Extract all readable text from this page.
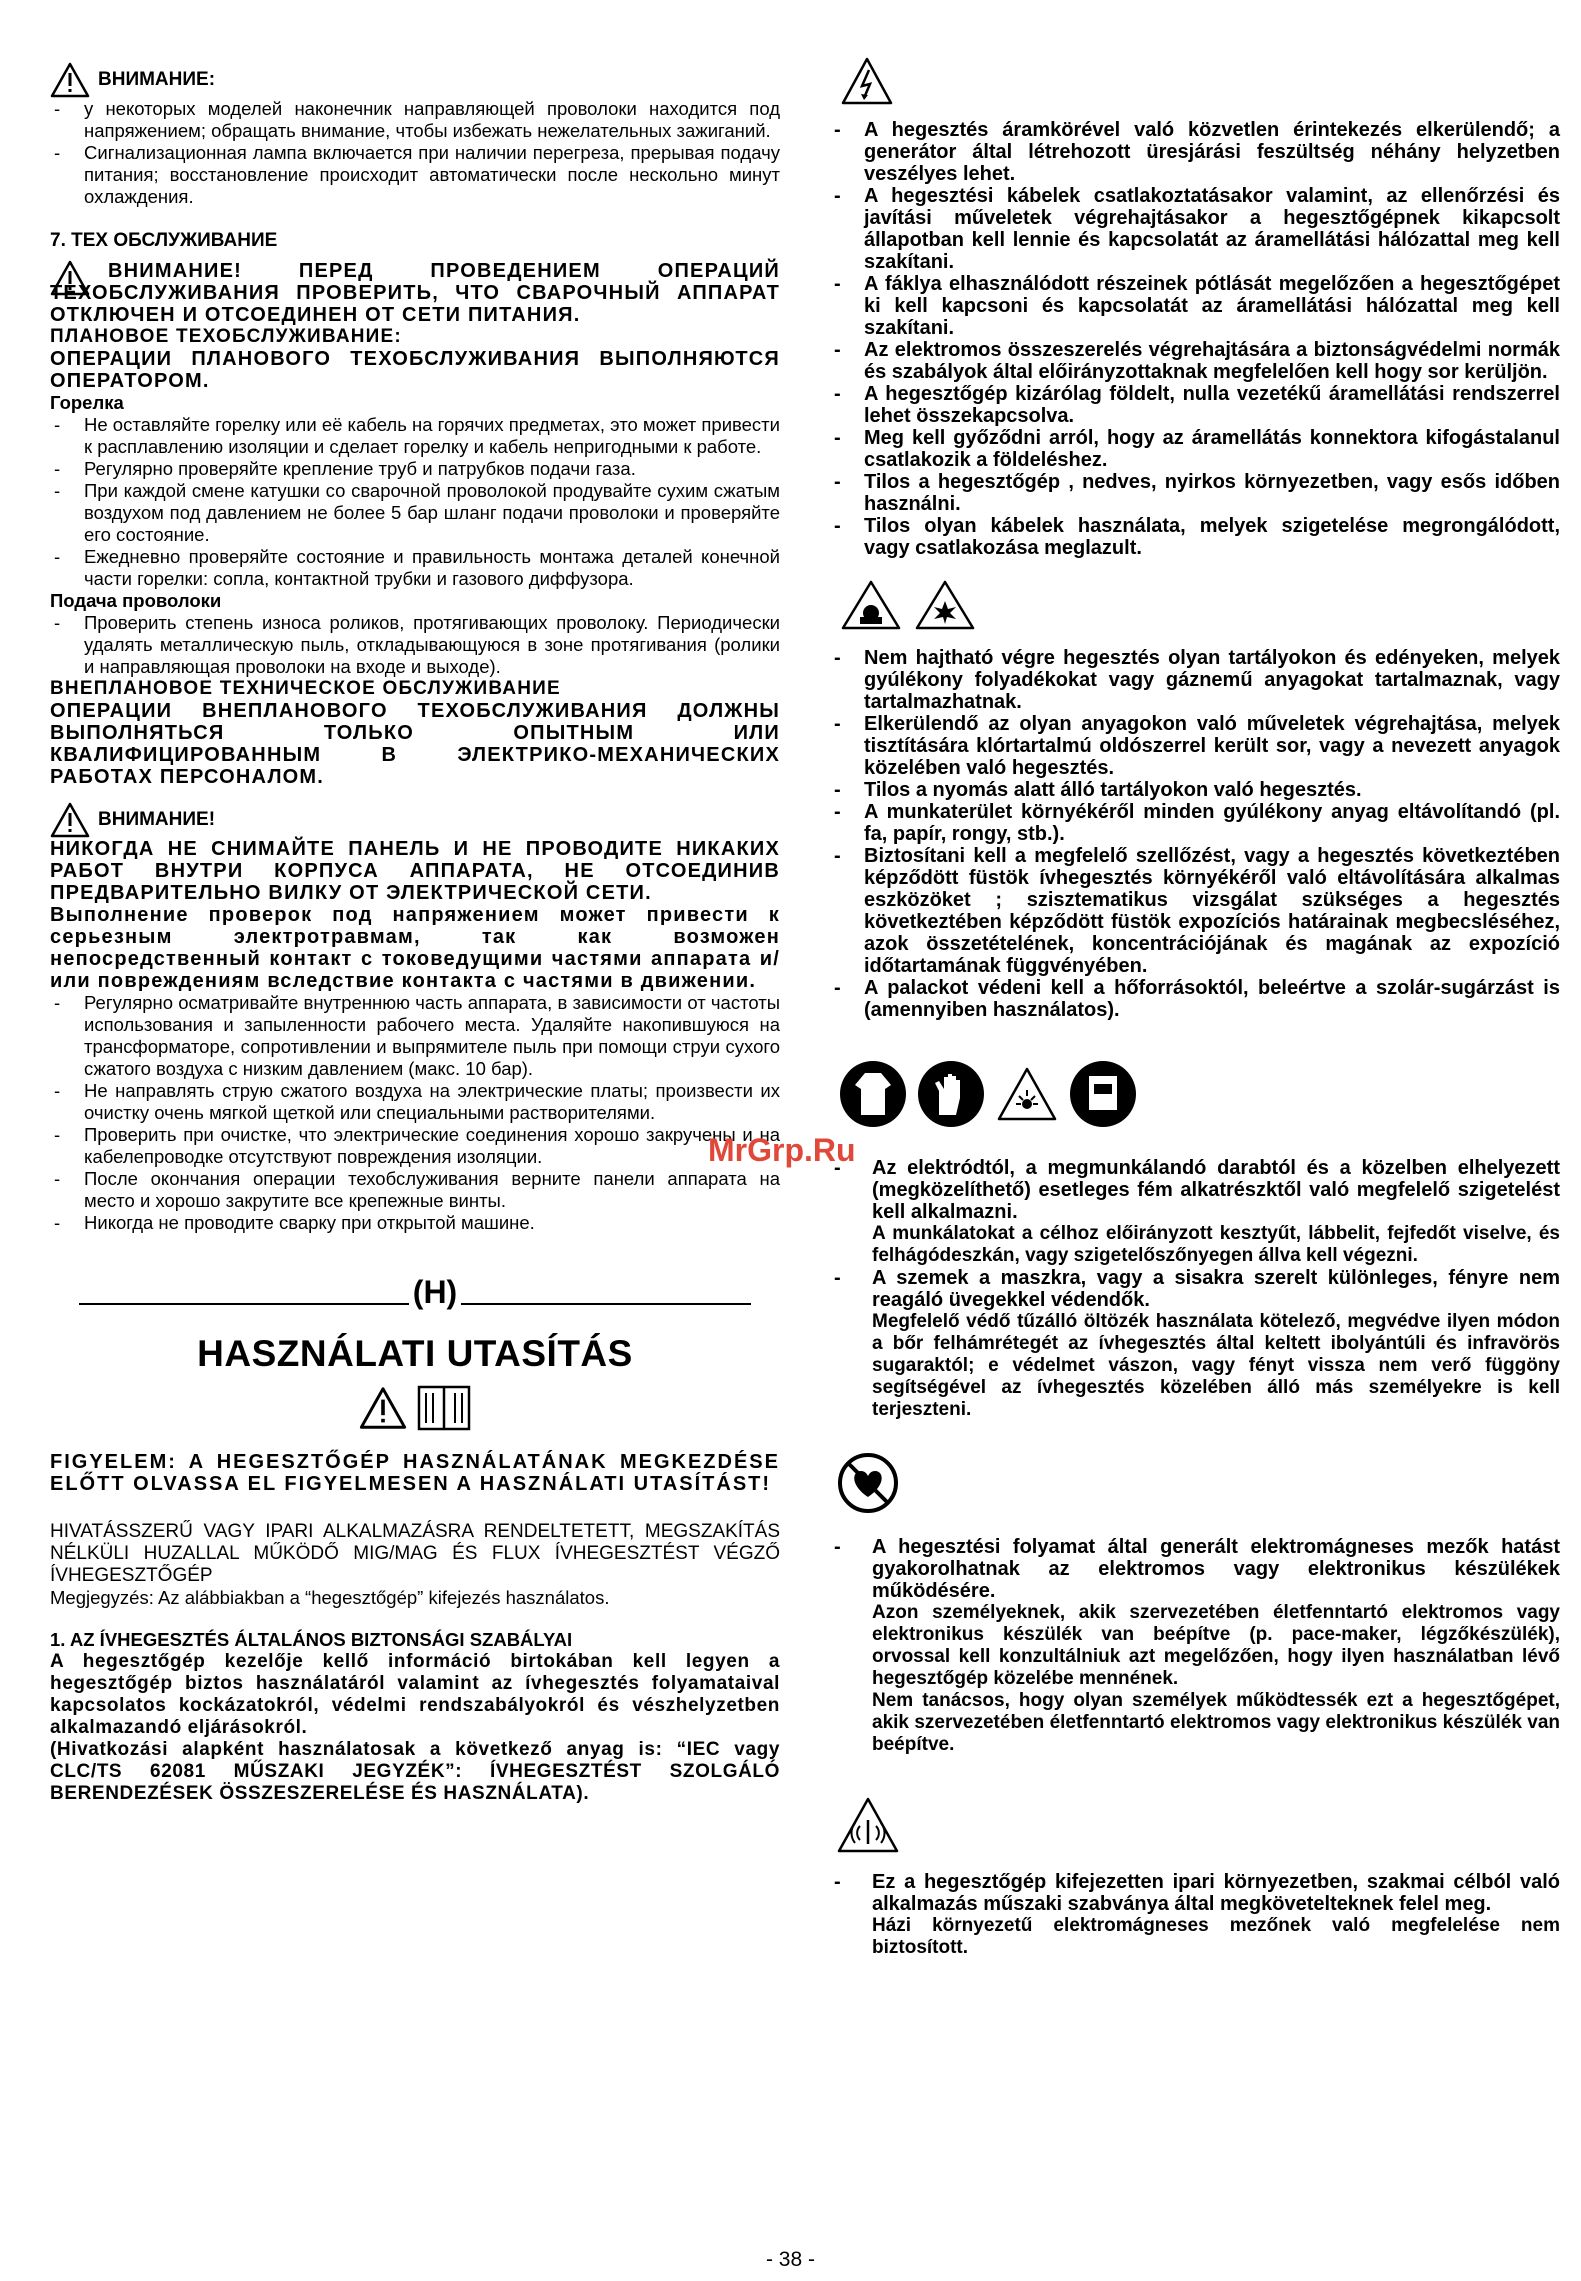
ВНИМАНИЕ:

- у некоторых моделей наконечник направляющей проволоки находится под напряжением; обращать внимание, чтобы избежать нежелательных зажиганий.

- Сигнализационная лампа включается при наличии перегреза, прерывая подачу питания; восстановление происходит автоматически после нескольно минут охлаждения.

7. ТЕХ ОБСЛУЖИВАНИЕ

ВНИМАНИЕ! ПЕРЕД ПРОВЕДЕНИЕМ ОПЕРАЦИЙ ТЕХОБСЛУЖИВАНИЯ ПРОВЕРИТЬ, ЧТО СВАРОЧНЫЙ АППАРАТ ОТКЛЮЧЕН И ОТСОЕДИНЕН ОТ СЕТИ ПИТАНИЯ.

ПЛАНОВОЕ ТЕХОБСЛУЖИВАНИЕ:

ОПЕРАЦИИ ПЛАНОВОГО ТЕХОБСЛУЖИВАНИЯ ВЫПОЛНЯЮТСЯ ОПЕРАТОРОМ.

Горелка

- Не оставляйте горелку или её кабель на горячих предметах, это может привести к расплавлению изоляции и сделает горелку и кабель непригодными к работе.

- Регулярно проверяйте крепление труб и патрубков подачи газа.

- При каждой смене катушки со сварочной проволокой продувайте сухим сжатым воздухом под давлением не более 5 бар шланг подачи проволоки и проверяйте его состояние.

- Ежедневно проверяйте состояние и правильность монтажа деталей конечной части горелки: сопла, контактной трубки и газового диффузора.

Подача проволоки

- Проверить степень износа роликов, протягивающих проволоку. Периодически удалять металлическую пыль, откладывающуюся в зоне протягивания (ролики и направляющая проволоки на входе и выходе).

ВНЕПЛАНОВОЕ ТЕХНИЧЕСКОЕ ОБСЛУЖИВАНИЕ

ОПЕРАЦИИ ВНЕПЛАНОВОГО ТЕХОБСЛУЖИВАНИЯ ДОЛЖНЫ ВЫПОЛНЯТЬСЯ ТОЛЬКО ОПЫТНЫМ ИЛИ КВАЛИФИЦИРОВАННЫМ В ЭЛЕКТРИКО-МЕХАНИЧЕСКИХ РАБОТАХ ПЕРСОНАЛОМ.

ВНИМАНИЕ!

НИКОГДА НЕ СНИМАЙТЕ ПАНЕЛЬ И НЕ ПРОВОДИТЕ НИКАКИХ РАБОТ ВНУТРИ КОРПУСА АППАРАТА, НЕ ОТСОЕДИНИВ ПРЕДВАРИТЕЛЬНО ВИЛКУ ОТ ЭЛЕКТРИЧЕСКОЙ СЕТИ.

Выполнение проверок под напряжением может привести к серьезным электротравмам, так как возможен непосредственный контакт с токоведущими частями аппарата и/или повреждениям вследствие контакта с частями в движении.

- Регулярно осматривайте внутреннюю часть аппарата, в зависимости от частоты использования и запыленности рабочего места. Удаляйте накопившуюся на трансформаторе, сопротивлении и выпрямителе пыль при помощи струи сухого сжатого воздуха с низким давлением (макс. 10 бар).

- Не направлять струю сжатого воздуха на электрические платы; произвести их очистку очень мягкой щеткой или специальными растворителями.

- Проверить при очистке, что электрические соединения хорошо закручены и на кабелепроводке отсутствуют повреждения изоляции.

- После окончания операции техобслуживания верните панели аппарата на место и хорошо закрутите все крепежные винты.

- Никогда не проводите сварку при открытой машине.

(H)
HASZNÁLATI UTASÍTÁS

FIGYELEM: A HEGESZTŐGÉP HASZNÁLATÁNAK MEGKEZDÉSE ELŐTT OLVASSA EL FIGYELMESEN A HASZNÁLATI UTASÍTÁST!

HIVATÁSSZERŰ VAGY IPARI ALKALMAZÁSRA RENDELTETETT, MEGSZAKÍTÁS NÉLKÜLI HUZALLAL MŰKÖDŐ MIG/MAG ÉS FLUX ÍVHEGESZTÉST VÉGZŐ ÍVHEGESZTŐGÉP

Megjegyzés: Az alábbiakban a “hegesztőgép” kifejezés használatos.

1. AZ ÍVHEGESZTÉS ÁLTALÁNOS BIZTONSÁGI SZABÁLYAI

A hegesztőgép kezelője kellő információ birtokában kell legyen a hegesztőgép biztos használatáról valamint az ívhegesztés folyamataival kapcsolatos kockázatokról, védelmi rendszabályokról és vészhelyzetben alkalmazandó eljárásokról.

(Hivatkozási alapként használatosak a következő anyag is: “IEC vagy CLC/TS 62081 MŰSZAKI JEGYZÉK”: ÍVHEGESZTÉST SZOLGÁLÓ BERENDEZÉSEK ÖSSZESZERELÉSE ÉS HASZNÁLATA).

- A hegesztés áramkörével való közvetlen érintekezés elkerülendő; a generátor által létrehozott üresjárási feszültség néhány helyzetben veszélyes lehet.

- A hegesztési kábelek csatlakoztatásakor valamint, az ellenőrzési és javítási műveletek végrehajtásakor a hegesztőgépnek kikapcsolt állapotban kell lennie és kapcsolatát az áramellátási hálózattal meg kell szakítani.

- A fáklya elhasználódott részeinek pótlását megelőzően a hegesztőgépet ki kell kapcsoni és kapcsolatát az áramellátási hálózattal meg kell szakítani.

- Az elektromos összeszerelés végrehajtására a biztonságvédelmi normák és szabályok által előirányzottaknak megfelelően kell hogy sor kerüljön.

- A hegesztőgép kizárólag földelt, nulla vezetékű áramellátási rendszerrel lehet összekapcsolva.

- Meg kell győződni arról, hogy az áramellátás konnektora kifogástalanul csatlakozik a földeléshez.

- Tilos a hegesztőgép , nedves, nyirkos környezetben, vagy esős időben használni.

- Tilos olyan kábelek használata, melyek szigetelése megrongálódott, vagy csatlakozása meglazult.

- Nem hajtható végre hegesztés olyan tartályokon és edényeken, melyek gyúlékony folyadékokat vagy gáznemű anyagokat tartalmaznak, vagy tartalmazhatnak.

- Elkerülendő az olyan anyagokon való műveletek végrehajtása, melyek tisztítására klórtartalmú oldószerrel került sor, vagy a nevezett anyagok közelében való hegesztés.

- Tilos a nyomás alatt álló tartályokon való hegesztés.

- A munkaterület környékéről minden gyúlékony anyag eltávolítandó (pl. fa, papír, rongy, stb.).

- Biztosítani kell a megfelelő szellőzést, vagy a hegesztés következtében képződött füstök ívhegesztés környékéről való eltávolítására alkalmas eszközöket ; szisztematikus vizsgálat szükséges a hegesztés következtében képződött füstök expozíciós határainak megbecsléséhez, azok összetételének, koncentrációjának és magának az expozíció időtartamának függvényében.

- A palackot védeni kell a hőforrásoktól, beleértve a szolár-sugárzást is (amennyiben használatos).

- Az elektródtól, a megmunkálandó darabtól és a közelben elhelyezett (megközelíthető) esetleges fém alkatrészktől való megfelelő szigetelést kell alkalmazni.

A munkálatokat a célhoz előirányzott kesztyűt, lábbelit, fejfedőt viselve, és felhágódeszkán, vagy szigetelőszőnyegen állva kell végezni.

- A szemek a maszkra, vagy a sisakra szerelt különleges, fényre nem reagáló üvegekkel védendők.

Megfelelő védő tűzálló öltözék használata kötelező, megvédve ilyen módon a bőr felhámrétegét az ívhegesztés által keltett ibolyántúli és infravörös sugaraktól; e védelmet vászon, vagy fényt vissza nem verő függöny segítségével az ívhegesztés közelében álló más személyekre is kell terjeszteni.

- A hegesztési folyamat által generált elektromágneses mezők hatást gyakorolhatnak az elektromos vagy elektronikus készülékek működésére.

Azon személyeknek, akik szervezetében életfenntartó elektromos vagy elektronikus készülék van beépítve (p. pace-maker, légzőkészülék), orvossal kell konzultálniuk azt megelőzően, hogy ilyen használatban lévő hegesztőgép közelébe mennének.

Nem tanácsos, hogy olyan személyek működtessék ezt a hegesztőgépet, akik szervezetében életfenntartó elektromos vagy elektronikus készülék van beépítve.

- Ez a hegesztőgép kifejezetten ipari környezetben, szakmai célból való alkalmazás műszaki szabványa által megkövetelteknek felel meg.

Házi környezetű elektromágneses mezőnek való megfelelése nem biztosított.

MrGrp.Ru
- 38 -
